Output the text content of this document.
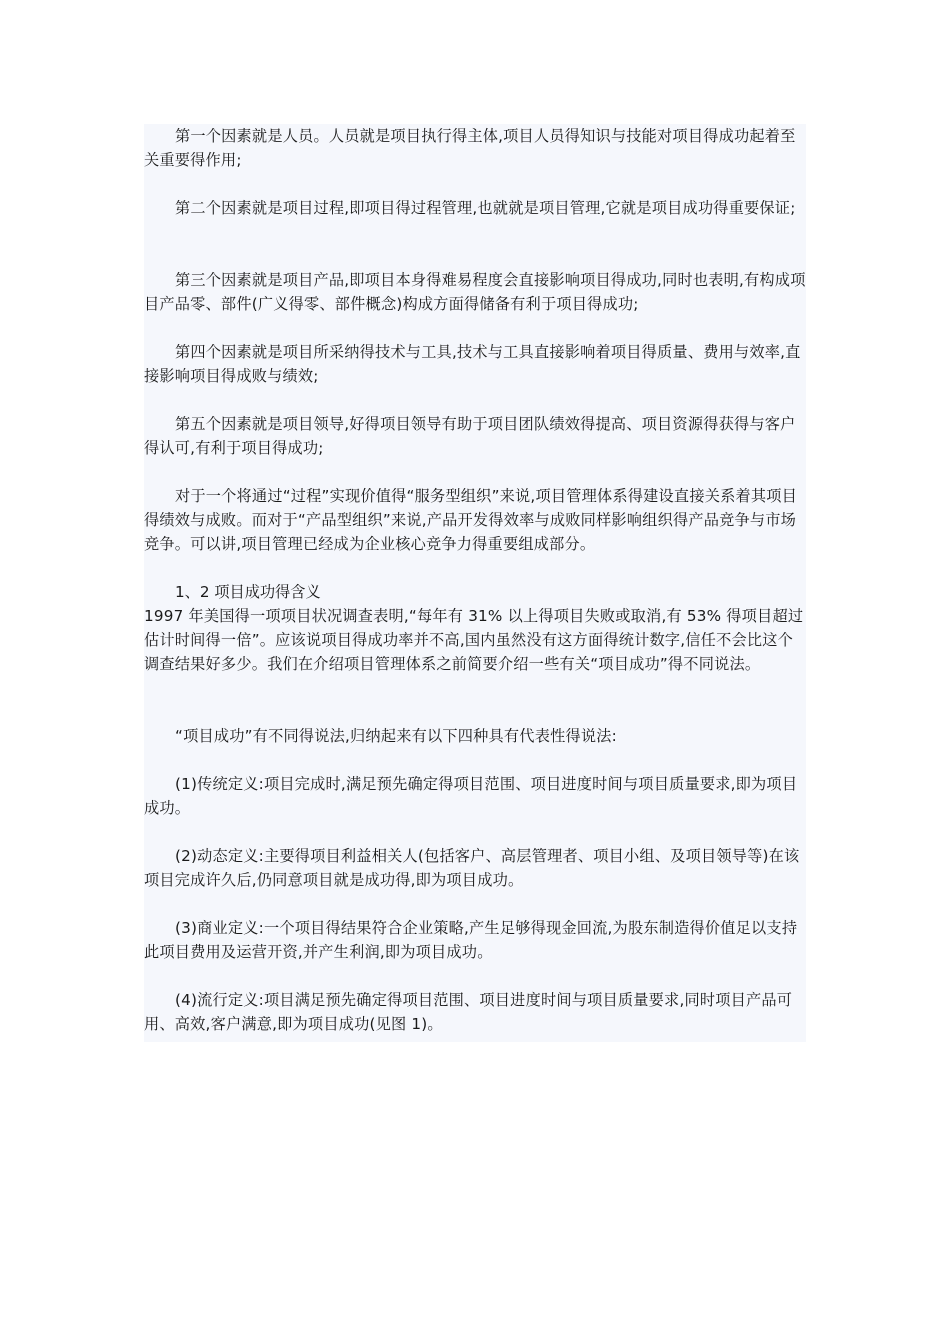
第一个因素就是人员。人员就是项目执行得主体,项目人员得知识与技能对项目得成功起着至关重要得作用;

第二个因素就是项目过程,即项目得过程管理,也就就是项目管理,它就是项目成功得重要保证;

第三个因素就是项目产品,即项目本身得难易程度会直接影响项目得成功,同时也表明,有构成项目产品零、部件(广义得零、部件概念)构成方面得储备有利于项目得成功;

第四个因素就是项目所采纳得技术与工具,技术与工具直接影响着项目得质量、费用与效率,直接影响项目得成败与绩效;

第五个因素就是项目领导,好得项目领导有助于项目团队绩效得提高、项目资源得获得与客户得认可,有利于项目得成功;

对于一个将通过“过程”实现价值得“服务型组织”来说,项目管理体系得建设直接关系着其项目得绩效与成败。而对于“产品型组织”来说,产品开发得效率与成败同样影响组织得产品竞争与市场竞争。可以讲,项目管理已经成为企业核心竞争力得重要组成部分。

1、2 项目成功得含义

1997 年美国得一项项目状况调查表明,“每年有 31% 以上得项目失败或取消,有 53% 得项目超过估计时间得一倍”。应该说项目得成功率并不高,国内虽然没有这方面得统计数字,信任不会比这个调查结果好多少。我们在介绍项目管理体系之前简要介绍一些有关“项目成功”得不同说法。

“项目成功”有不同得说法,归纳起来有以下四种具有代表性得说法:

(1)传统定义:项目完成时,满足预先确定得项目范围、项目进度时间与项目质量要求,即为项目成功。

(2)动态定义:主要得项目利益相关人(包括客户、高层管理者、项目小组、及项目领导等)在该项目完成许久后,仍同意项目就是成功得,即为项目成功。

(3)商业定义:一个项目得结果符合企业策略,产生足够得现金回流,为股东制造得价值足以支持此项目费用及运营开资,并产生利润,即为项目成功。

(4)流行定义:项目满足预先确定得项目范围、项目进度时间与项目质量要求,同时项目产品可用、高效,客户满意,即为项目成功(见图 1)。
